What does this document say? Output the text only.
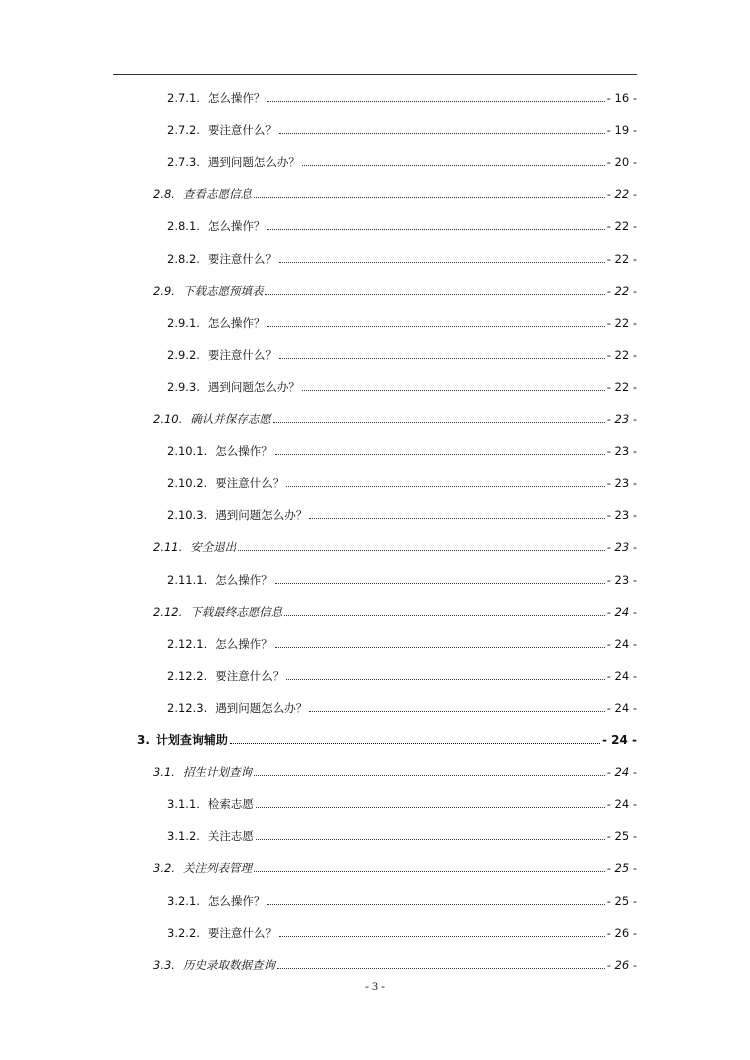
2.7.1. 怎么操作？	- 16 -
2.7.2. 要注意什么？	- 19 -
2.7.3. 遇到问题怎么办？	- 20 -
2.8. 查看志愿信息	- 22 -
2.8.1. 怎么操作？	- 22 -
2.8.2. 要注意什么？	- 22 -
2.9. 下载志愿预填表	- 22 -
2.9.1. 怎么操作？	- 22 -
2.9.2. 要注意什么？	- 22 -
2.9.3. 遇到问题怎么办？	- 22 -
2.10. 确认并保存志愿	- 23 -
2.10.1. 怎么操作？	- 23 -
2.10.2. 要注意什么？	- 23 -
2.10.3. 遇到问题怎么办？	- 23 -
2.11. 安全退出	- 23 -
2.11.1. 怎么操作？	- 23 -
2.12. 下载最终志愿信息	- 24 -
2.12.1. 怎么操作？	- 24 -
2.12.2. 要注意什么？	- 24 -
2.12.3. 遇到问题怎么办？	- 24 -
3. 计划查询辅助	- 24 -
3.1. 招生计划查询	- 24 -
3.1.1. 检索志愿	- 24 -
3.1.2. 关注志愿	- 25 -
3.2. 关注列表管理	- 25 -
3.2.1. 怎么操作？	- 25 -
3.2.2. 要注意什么？	- 26 -
3.3. 历史录取数据查询	- 26 -
- 3 -
